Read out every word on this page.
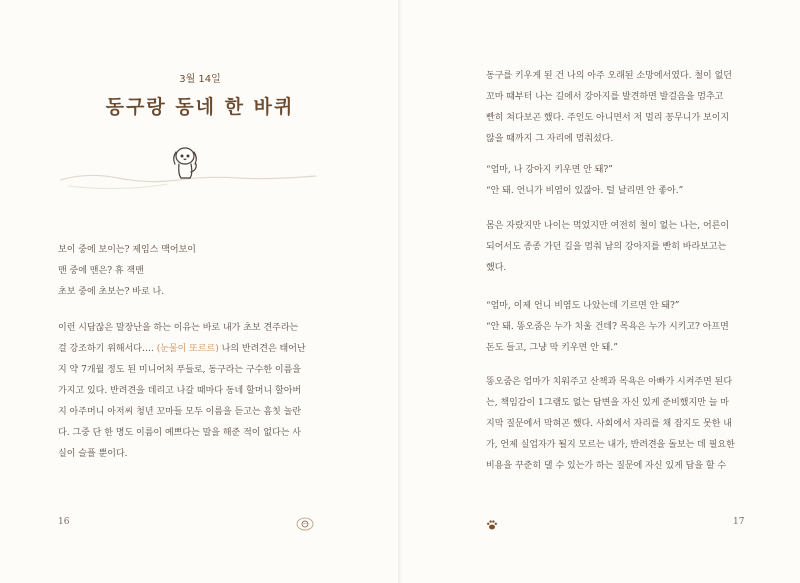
3월 14일
동구랑 동네 한 바퀴
보이 중에 보이는? 제임스 맥어보이
맨 중에 맨은? 휴 잭맨
초보 중에 초보는? 바로 나.
이런 시답잖은 말장난을 하는 이유는 바로 내가 초보 견주라는
걸 강조하기 위해서다…. (눈물이 또르르) 나의 반려견은 태어난
지 약 7개월 정도 된 미니어처 푸들로, 동구라는 구수한 이름을
가지고 있다. 반려견을 데리고 나갈 때마다 동네 할머니 할아버
지 아주머니 아저씨 청년 꼬마들 모두 이름을 듣고는 흠칫 놀란
다. 그중 단 한 명도 이름이 예쁘다는 말을 해준 적이 없다는 사
실이 슬플 뿐이다.
16
동구를 키우게 된 건 나의 아주 오래된 소망에서였다. 철이 없던
꼬마 때부터 나는 길에서 강아지를 발견하면 발걸음을 멈추고
빤히 쳐다보곤 했다. 주인도 아니면서 저 멀리 꽁무니가 보이지
않을 때까지 그 자리에 멈춰섰다.
“엄마, 나 강아지 키우면 안 돼?”
“안 돼. 언니가 비염이 있잖아. 털 날리면 안 좋아.”
몸은 자랐지만 나이는 먹었지만 여전히 철이 없는 나는, 어른이
되어서도 종종 가던 길을 멈춰 남의 강아지를 빤히 바라보고는
했다.
“엄마, 이제 언니 비염도 나았는데 기르면 안 돼?”
“안 돼. 똥오줌은 누가 치울 건데? 목욕은 누가 시키고? 아프면
돈도 들고, 그냥 막 키우면 안 돼.”
똥오줌은 엄마가 치워주고 산책과 목욕은 아빠가 시켜주면 된다
는, 책임감이 1그램도 없는 답변을 자신 있게 준비했지만 늘 마
지막 질문에서 막혀곤 했다. 사회에서 자리를 채 잡지도 못한 내
가, 언제 실업자가 될지 모르는 내가, 반려견을 돌보는 데 필요한
비용을 꾸준히 댈 수 있는가 하는 질문에 자신 있게 답을 할 수
17
